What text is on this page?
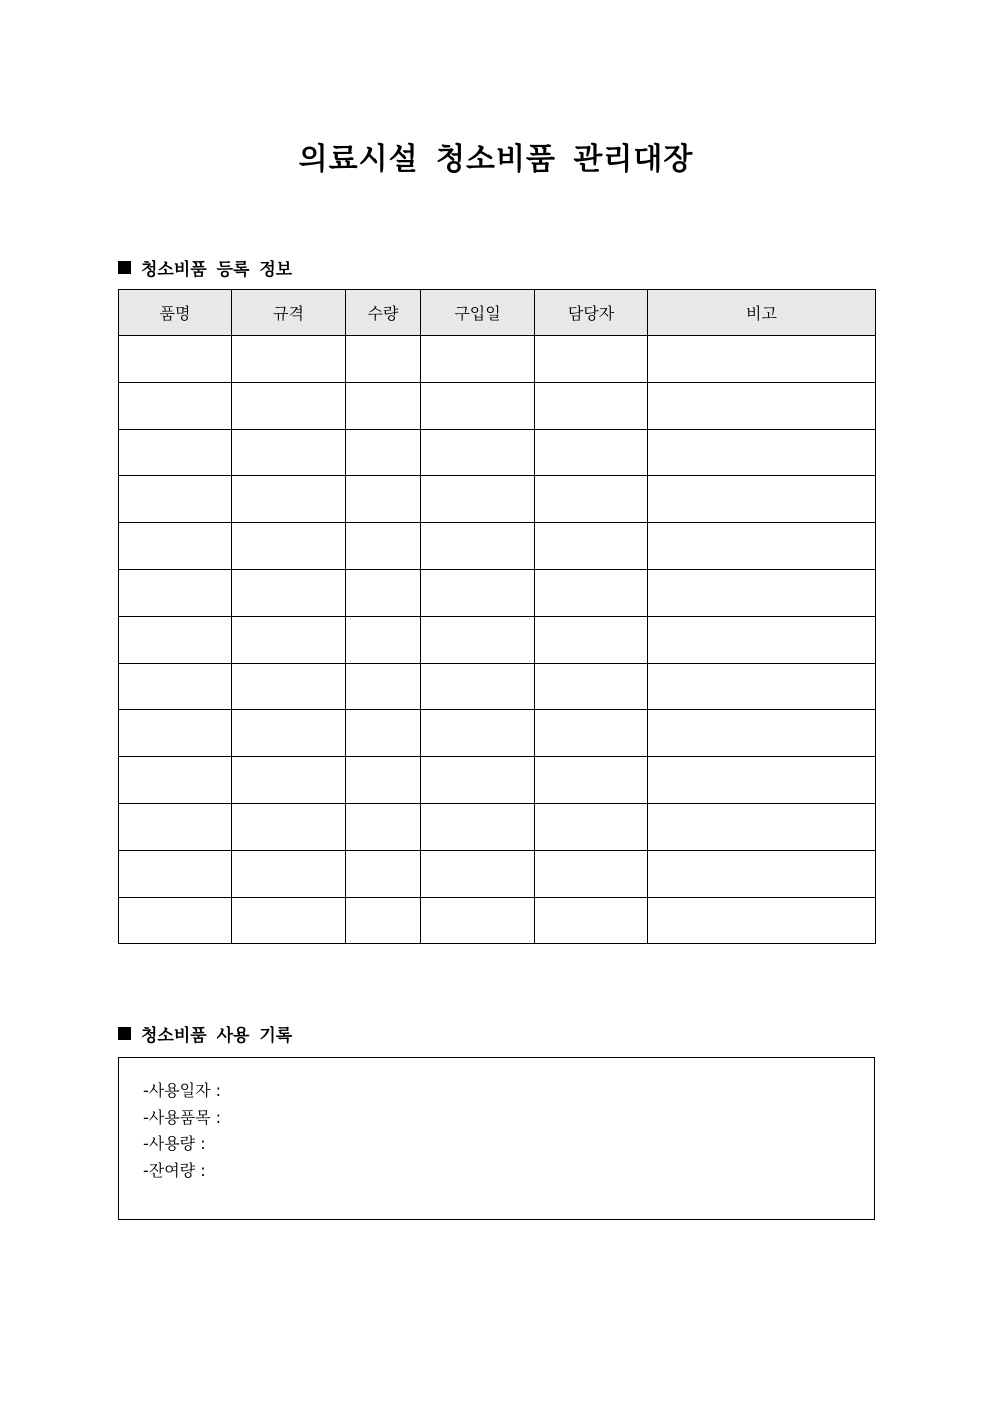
의료시설 청소비품 관리대장
청소비품 등록 정보
품명	규격	수량	구입일	담당자	비고

청소비품 사용 기록
-사용일자 :
-사용품목 :
-사용량 :
-잔여량 :
